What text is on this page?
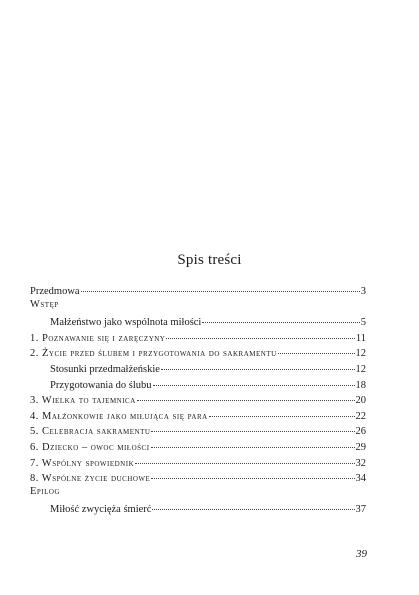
Spis treści
Przedmowa	3
Wstęp
Małżeństwo jako wspólnota miłości	5
1. Poznawanie się i zaręczyny	11
2. Życie przed ślubem i przygotowania do sakramentu	12
Stosunki przedmałżeńskie	12
Przygotowania do ślubu	18
3. Wielka to tajemnica	20
4. Małżonkowie jako miłująca się para	22
5. Celebracja sakramentu	26
6. Dziecko – owoc miłości	29
7. Wspólny spowiednik	32
8. Wspólne życie duchowe	34
Epilog
Miłość zwycięża śmierć	37
39
